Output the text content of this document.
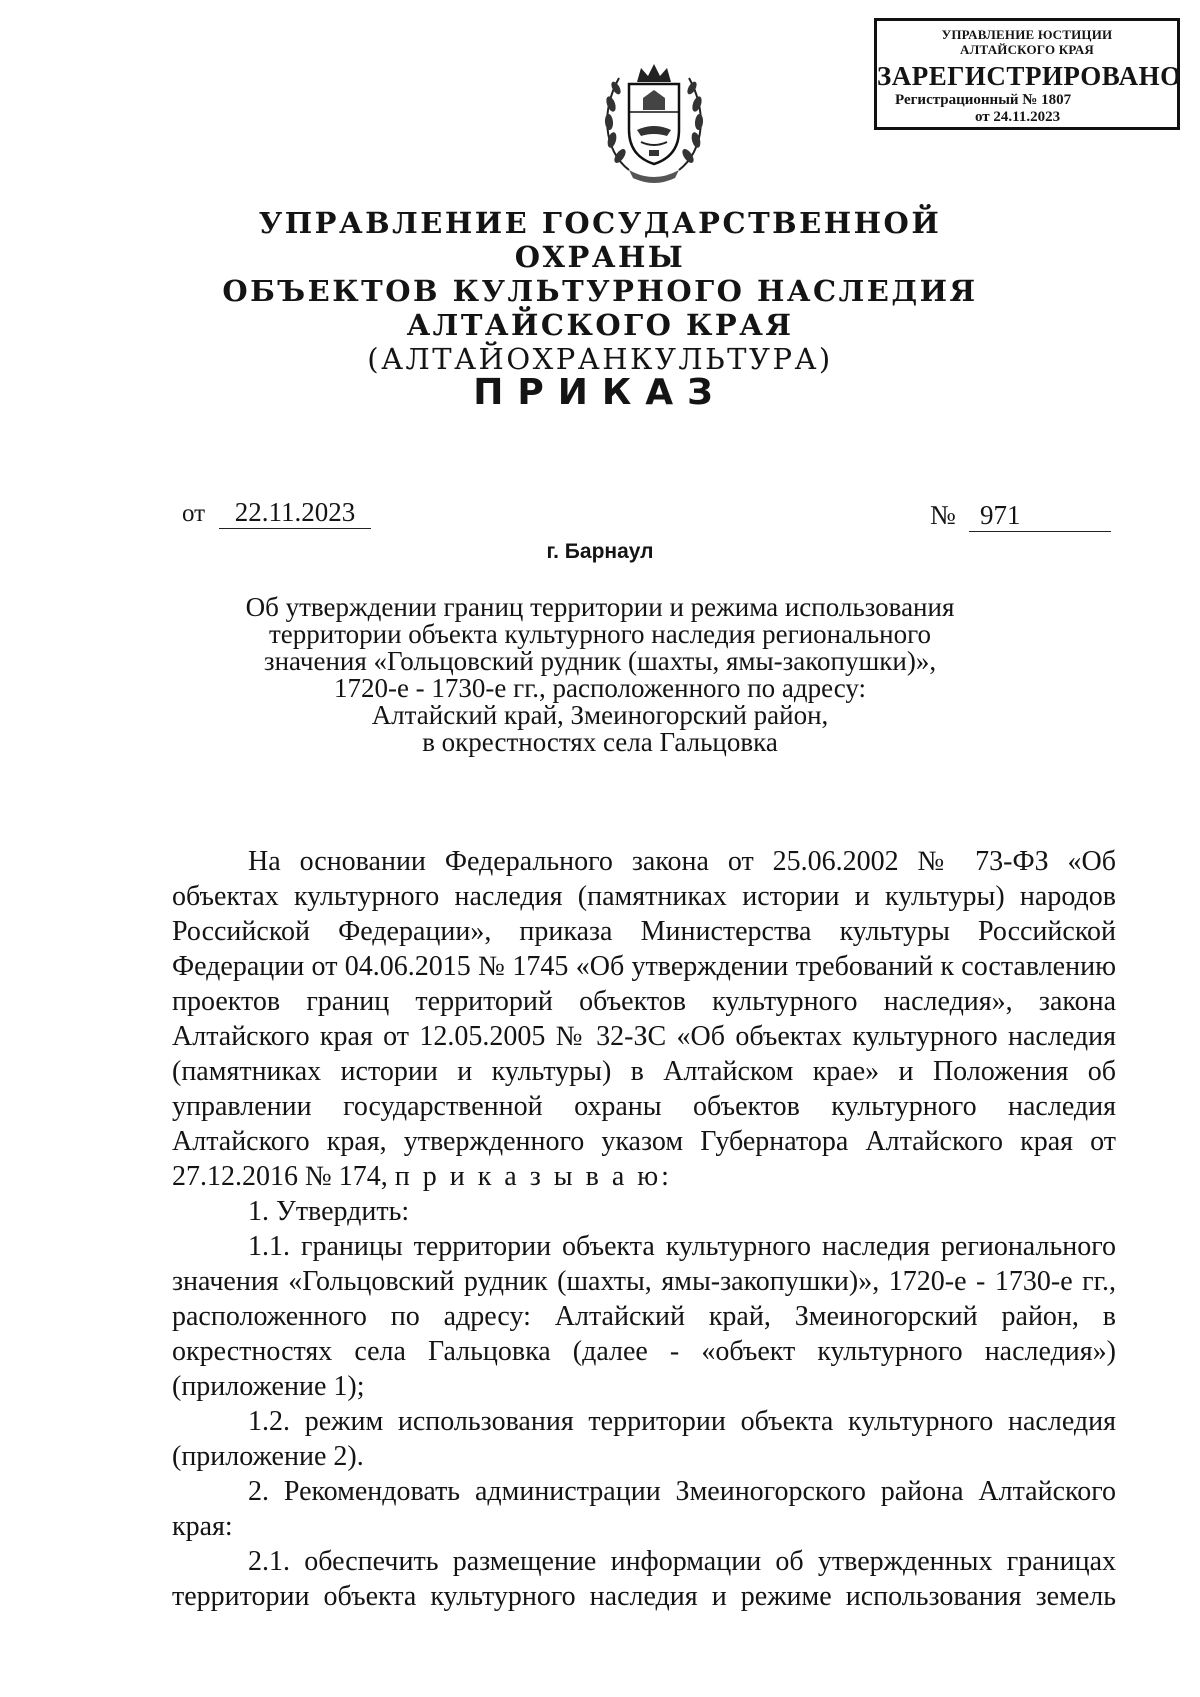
УПРАВЛЕНИЕ ЮСТИЦИИ
АЛТАЙСКОГО КРАЯ
ЗАРЕГИСТРИРОВАНО
Регистрационный № 1807
от 24.11.2023
УПРАВЛЕНИЕ ГОСУДАРСТВЕННОЙ ОХРАНЫ
ОБЪЕКТОВ КУЛЬТУРНОГО НАСЛЕДИЯ
АЛТАЙСКОГО КРАЯ
(АЛТАЙОХРАНКУЛЬТУРА)
ПРИКАЗ
от	22.11.2023	№ 971
г. Барнаул
Об утверждении границ территории и режима использования
территории объекта культурного наследия регионального
значения «Гольцовский рудник (шахты, ямы-закопушки)»,
1720-е - 1730-е гг., расположенного по адресу:
Алтайский край, Змеиногорский район,
в окрестностях села Гальцовка

На основании Федерального закона от 25.06.2002 № 73-ФЗ «Об объектах культурного наследия (памятниках истории и культуры) народов Российской Федерации», приказа Министерства культуры Российской Федерации от 04.06.2015 № 1745 «Об утверждении требований к составлению проектов границ территорий объектов культурного наследия», закона Алтайского края от 12.05.2005 № 32-ЗС «Об объектах культурного наследия (памятниках истории и культуры) в Алтайском крае» и Положения об управлении государственной охраны объектов культурного наследия Алтайского края, утвержденного указом Губернатора Алтайского края от 27.12.2016 № 174, п р и к а з ы в а ю:

1. Утвердить:

1.1. границы территории объекта культурного наследия регионального значения «Гольцовский рудник (шахты, ямы-закопушки)», 1720-е - 1730-е гг., расположенного по адресу: Алтайский край, Змеиногорский район, в окрестностях села Гальцовка (далее - «объект культурного наследия») (приложение 1);

1.2. режим использования территории объекта культурного наследия (приложение 2).

2. Рекомендовать администрации Змеиногорского района Алтайского края:

2.1. обеспечить размещение информации об утвержденных границах территории объекта культурного наследия и режиме использования земель
